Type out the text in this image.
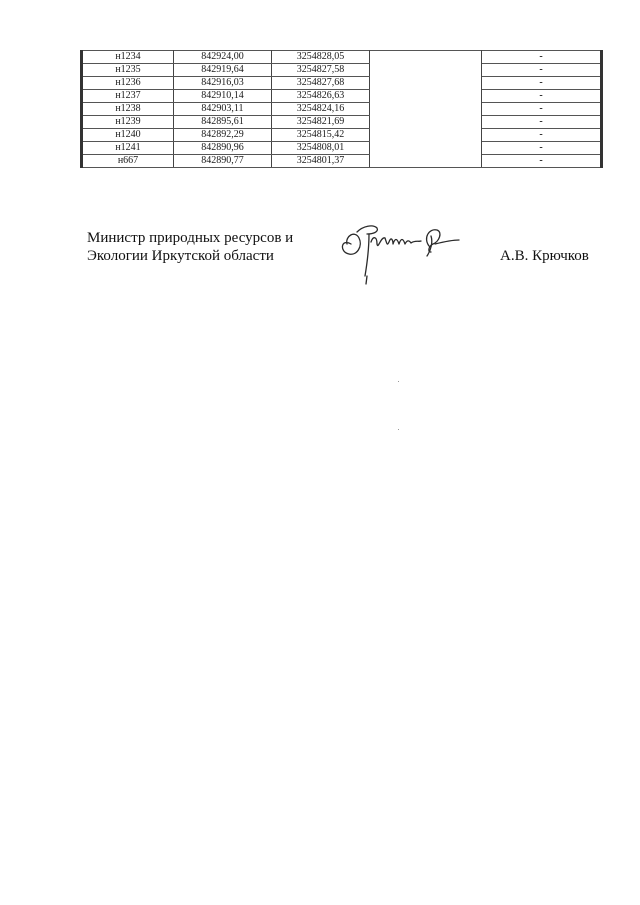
н1234	842924,00	3254828,05		-
н1235	842919,64	3254827,58		-
н1236	842916,03	3254827,68		-
н1237	842910,14	3254826,63		-
н1238	842903,11	3254824,16		-
н1239	842895,61	3254821,69		-
н1240	842892,29	3254815,42		-
н1241	842890,96	3254808,01		-
н667	842890,77	3254801,37		-
Министр природных ресурсов и
Экологии Иркутской области	А.В. Крючков
